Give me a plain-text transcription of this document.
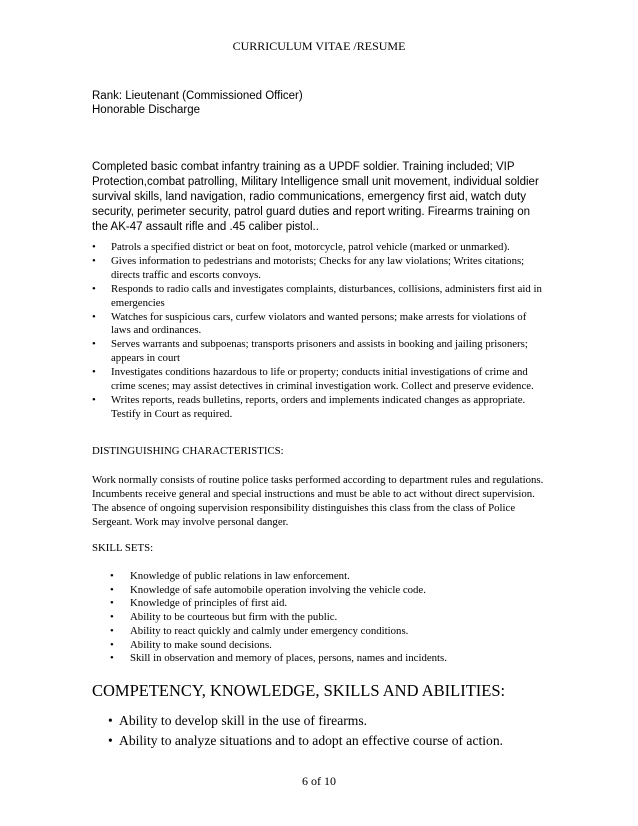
CURRICULUM VITAE /RESUME
Rank: Lieutenant (Commissioned Officer)
Honorable Discharge
Completed basic combat infantry training as a UPDF soldier. Training included; VIP Protection,combat patrolling, Military Intelligence small unit movement, individual soldier survival skills, land navigation, radio communications, emergency first aid, watch duty security, perimeter security, patrol guard duties and report writing. Firearms training on the AK-47 assault rifle and .45 caliber pistol..
• Patrols a specified district or beat on foot, motorcycle, patrol vehicle (marked or unmarked).
• Gives information to pedestrians and motorists; Checks for any law violations; Writes citations; directs traffic and escorts convoys.
• Responds to radio calls and investigates complaints, disturbances, collisions, administers first aid in emergencies
• Watches for suspicious cars, curfew violators and wanted persons; make arrests for violations of laws and ordinances.
• Serves warrants and subpoenas; transports prisoners and assists in booking and jailing prisoners; appears in court
• Investigates conditions hazardous to life or property; conducts initial investigations of crime and crime scenes; may assist detectives in criminal investigation work. Collect and preserve evidence.
• Writes reports, reads bulletins, reports, orders and implements indicated changes as appropriate. Testify in Court as required.
DISTINGUISHING CHARACTERISTICS:
Work normally consists of routine police tasks performed according to department rules and regulations. Incumbents receive general and special instructions and must be able to act without direct supervision. The absence of ongoing supervision responsibility distinguishes this class from the class of Police Sergeant. Work may involve personal danger.
SKILL SETS:
• Knowledge of public relations in law enforcement.
• Knowledge of safe automobile operation involving the vehicle code.
• Knowledge of principles of first aid.
• Ability to be courteous but firm with the public.
• Ability to react quickly and calmly under emergency conditions.
• Ability to make sound decisions.
• Skill in observation and memory of places, persons, names and incidents.
COMPETENCY, KNOWLEDGE, SKILLS AND ABILITIES:
• Ability to develop skill in the use of firearms.
• Ability to analyze situations and to adopt an effective course of action.
6 of 10
